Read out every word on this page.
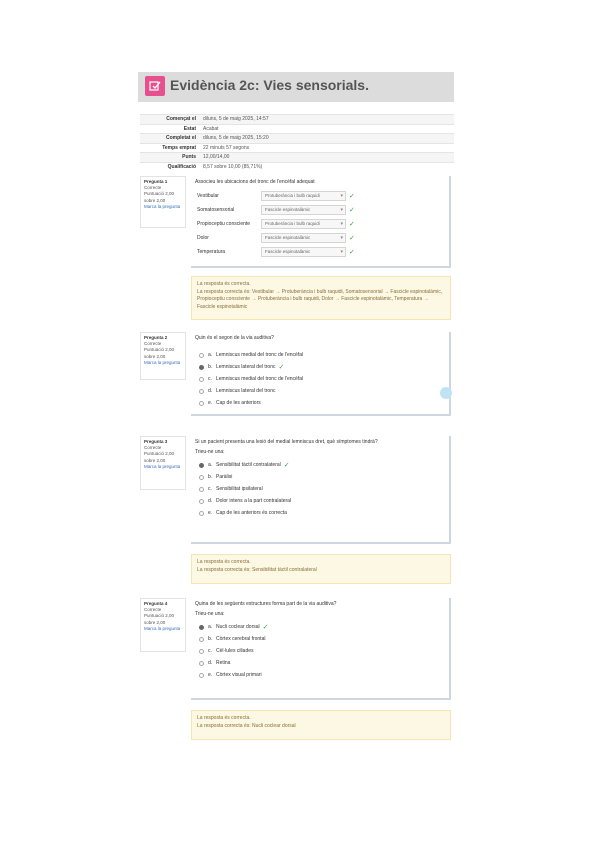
Evidència 2c: Vies sensorials.
Començat el	diluns, 5 de maig 2025, 14:57
Estat	Acabat
Completat el	diluns, 5 de maig 2025, 15:20
Temps emprat	22 minuts 57 segons
Punts	12,00/14,00
Qualificació	8,57 sobre 10,00 (85,71%)
Pregunta 1
Correcte
Puntuació 2,00 sobre 2,00
Marca la pregunta
Associeu les ubicacions del tronc de l'encèfal adequat
Vestibular	Protuberància i bulb raquidi ▾	✓
Somatosensorial	Fascicle espinotalàmic ▾	✓
Propioceptiu consciente	Protuberància i bulb raquidi ▾	✓
Dolor	Fascicle espinotalàmic ▾	✓
Temperatura	Fascicle espinotalàmic ▾	✓
La resposta és correcta.
La resposta correcta és: Vestibular → Protuberància i bulb raquidi, Somatosensorial → Fascicle espinotalàmic, Propioceptiu consciente → Protuberància i bulb raquidi, Dolor → Fascicle espinotalàmic, Temperatura → Fascicle espinotalàmic
Pregunta 2
Correcte
Puntuació 2,00 sobre 2,00
Marca la pregunta
Quin és el segon de la via auditiva?
a. Lemniscus medial del tronc de l'encèfal
b. Lemniscus lateral del tronc ✓
c. Lemniscus medial del tronc de l'encèfal
d. Lemniscus lateral del tronc
e. Cap de les anteriors
Pregunta 3
Correcte
Puntuació 2,00 sobre 2,00
Marca la pregunta
Si un pacient presenta una lesió del medial lemniscus dret, què símptomes tindrà?
Trieu-ne una:
a. Sensibilitat tàctil contralateral ✓
b. Paràlisi
c. Sensibilitat ipsilateral
d. Dolor intens a la part contralateral
e. Cap de les anteriors és correcta
La resposta és correcta.
La resposta correcta és: Sensibilitat tàctil contralateral
Pregunta 4
Correcte
Puntuació 2,00 sobre 2,00
Marca la pregunta
Quina de les següents estructures forma part de la via auditiva?
Trieu-ne una:
a. Nucli coclear dorsal ✓
b. Còrtex cerebral frontal
c. Cèl·lules ciliades
d. Retina
e. Còrtex visual primari
La resposta és correcta.
La resposta correcta és: Nucli coclear dorsal
